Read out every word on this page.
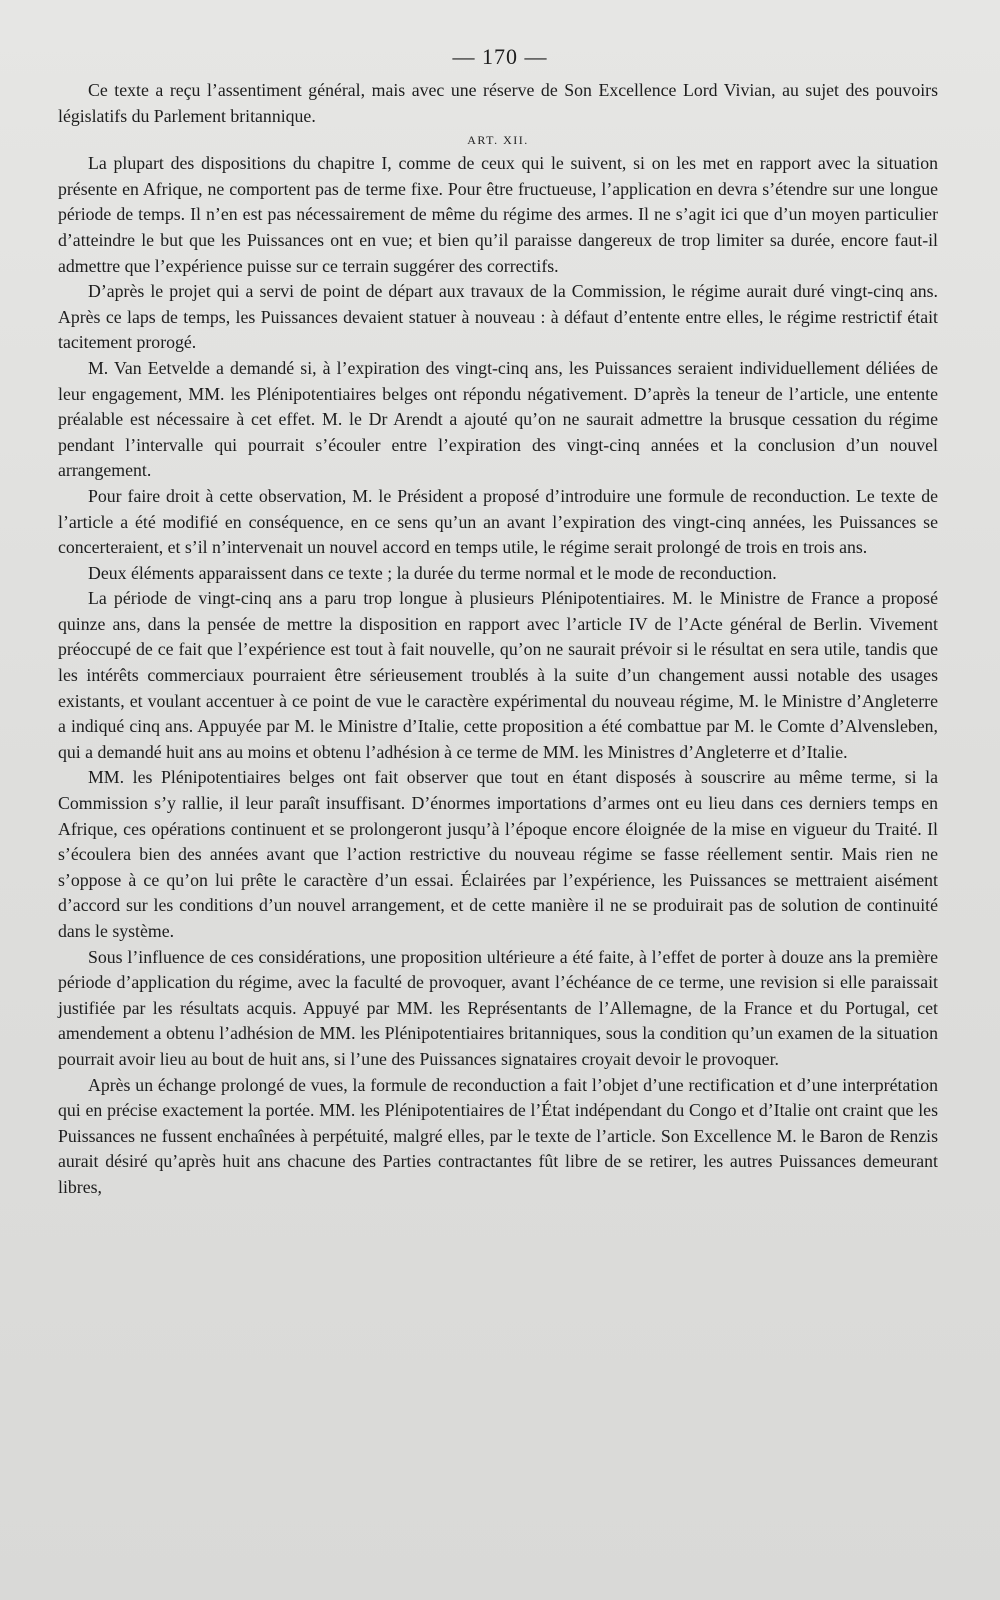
— 170 —

Ce texte a reçu l’assentiment général, mais avec une réserve de Son Excellence Lord Vivian, au sujet des pouvoirs législatifs du Parlement britannique.

ART. XII.

La plupart des dispositions du chapitre I, comme de ceux qui le suivent, si on les met en rapport avec la situation présente en Afrique, ne comportent pas de terme fixe. Pour être fructueuse, l’application en devra s’étendre sur une longue période de temps. Il n’en est pas nécessairement de même du régime des armes. Il ne s’agit ici que d’un moyen particulier d’atteindre le but que les Puissances ont en vue; et bien qu’il paraisse dangereux de trop limiter sa durée, encore faut-il admettre que l’expérience puisse sur ce terrain suggérer des correctifs.

D’après le projet qui a servi de point de départ aux travaux de la Commission, le régime aurait duré vingt-cinq ans. Après ce laps de temps, les Puissances devaient statuer à nouveau : à défaut d’entente entre elles, le régime restrictif était tacitement prorogé.

M. Van Eetvelde a demandé si, à l’expiration des vingt-cinq ans, les Puissances seraient individuellement déliées de leur engagement, MM. les Plénipotentiaires belges ont répondu négativement. D’après la teneur de l’article, une entente préalable est nécessaire à cet effet. M. le Dr Arendt a ajouté qu’on ne saurait admettre la brusque cessation du régime pendant l’intervalle qui pourrait s’écouler entre l’expiration des vingt-cinq années et la conclusion d’un nouvel arrangement.

Pour faire droit à cette observation, M. le Président a proposé d’introduire une formule de reconduction. Le texte de l’article a été modifié en conséquence, en ce sens qu’un an avant l’expiration des vingt-cinq années, les Puissances se concerteraient, et s’il n’intervenait un nouvel accord en temps utile, le régime serait prolongé de trois en trois ans.

Deux éléments apparaissent dans ce texte ; la durée du terme normal et le mode de reconduction.

La période de vingt-cinq ans a paru trop longue à plusieurs Plénipotentiaires. M. le Ministre de France a proposé quinze ans, dans la pensée de mettre la disposition en rapport avec l’article IV de l’Acte général de Berlin. Vivement préoccupé de ce fait que l’expérience est tout à fait nouvelle, qu’on ne saurait prévoir si le résultat en sera utile, tandis que les intérêts commerciaux pourraient être sérieusement troublés à la suite d’un changement aussi notable des usages existants, et voulant accentuer à ce point de vue le caractère expérimental du nouveau régime, M. le Ministre d’Angleterre a indiqué cinq ans. Appuyée par M. le Ministre d’Italie, cette proposition a été combattue par M. le Comte d’Alvensleben, qui a demandé huit ans au moins et obtenu l’adhésion à ce terme de MM. les Ministres d’Angleterre et d’Italie.

MM. les Plénipotentiaires belges ont fait observer que tout en étant disposés à souscrire au même terme, si la Commission s’y rallie, il leur paraît insuffisant. D’énormes importations d’armes ont eu lieu dans ces derniers temps en Afrique, ces opérations continuent et se prolongeront jusqu’à l’époque encore éloignée de la mise en vigueur du Traité. Il s’écoulera bien des années avant que l’action restrictive du nouveau régime se fasse réellement sentir. Mais rien ne s’oppose à ce qu’on lui prête le caractère d’un essai. Éclairées par l’expérience, les Puissances se mettraient aisément d’accord sur les conditions d’un nouvel arrangement, et de cette manière il ne se produirait pas de solution de continuité dans le système.

Sous l’influence de ces considérations, une proposition ultérieure a été faite, à l’effet de porter à douze ans la première période d’application du régime, avec la faculté de provoquer, avant l’échéance de ce terme, une revision si elle paraissait justifiée par les résultats acquis. Appuyé par MM. les Représentants de l’Allemagne, de la France et du Portugal, cet amendement a obtenu l’adhésion de MM. les Plénipotentiaires britanniques, sous la condition qu’un examen de la situation pourrait avoir lieu au bout de huit ans, si l’une des Puissances signataires croyait devoir le provoquer.

Après un échange prolongé de vues, la formule de reconduction a fait l’objet d’une rectification et d’une interprétation qui en précise exactement la portée. MM. les Plénipotentiaires de l’État indépendant du Congo et d’Italie ont craint que les Puissances ne fussent enchaînées à perpétuité, malgré elles, par le texte de l’article. Son Excellence M. le Baron de Renzis aurait désiré qu’après huit ans chacune des Parties contractantes fût libre de se retirer, les autres Puissances demeurant libres,
